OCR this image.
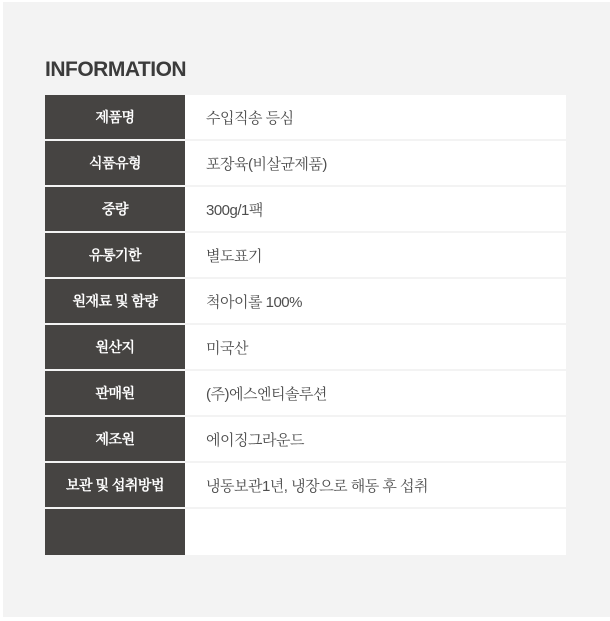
INFORMATION
제품명	수입직송 등심
식품유형	포장육(비살균제품)
중량	300g/1팩
유통기한	별도표기
원재료 및 함량	척아이롤 100%
원산지	미국산
판매원	(주)에스엔티솔루션
제조원	에이징그라운드
보관 및 섭취방법	냉동보관1년, 냉장으로 해동 후 섭취
